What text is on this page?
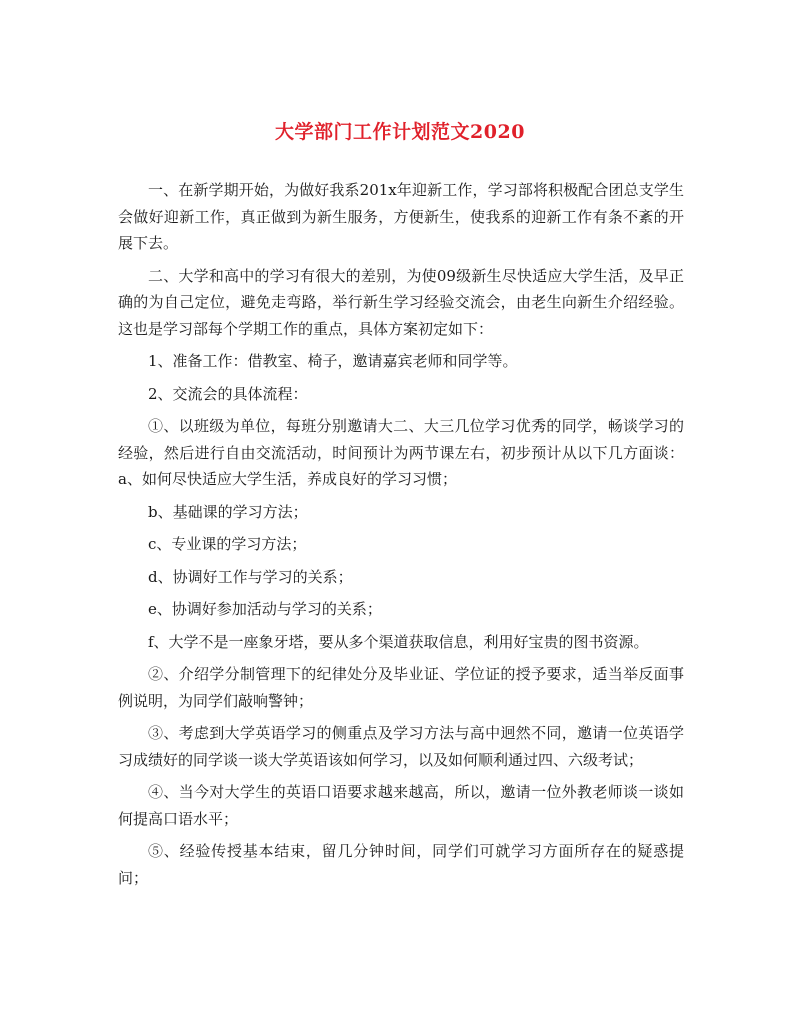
大学部门工作计划范文2020

一、在新学期开始，为做好我系201x年迎新工作，学习部将积极配合团总支学生会做好迎新工作，真正做到为新生服务，方便新生，使我系的迎新工作有条不紊的开展下去。

二、大学和高中的学习有很大的差别，为使09级新生尽快适应大学生活，及早正确的为自己定位，避免走弯路，举行新生学习经验交流会，由老生向新生介绍经验。这也是学习部每个学期工作的重点，具体方案初定如下：

1、准备工作：借教室、椅子，邀请嘉宾老师和同学等。

2、交流会的具体流程：

①、以班级为单位，每班分别邀请大二、大三几位学习优秀的同学，畅谈学习的经验，然后进行自由交流活动，时间预计为两节课左右，初步预计从以下几方面谈： a、如何尽快适应大学生活，养成良好的学习习惯；

b、基础课的学习方法；

c、专业课的学习方法；

d、协调好工作与学习的关系；

e、协调好参加活动与学习的关系；

f、大学不是一座象牙塔，要从多个渠道获取信息，利用好宝贵的图书资源。

②、介绍学分制管理下的纪律处分及毕业证、学位证的授予要求，适当举反面事例说明，为同学们敲响警钟；

③、考虑到大学英语学习的侧重点及学习方法与高中迥然不同，邀请一位英语学习成绩好的同学谈一谈大学英语该如何学习，以及如何顺利通过四、六级考试；

④、当今对大学生的英语口语要求越来越高，所以，邀请一位外教老师谈一谈如何提高口语水平；

⑤、经验传授基本结束，留几分钟时间，同学们可就学习方面所存在的疑惑提问；
